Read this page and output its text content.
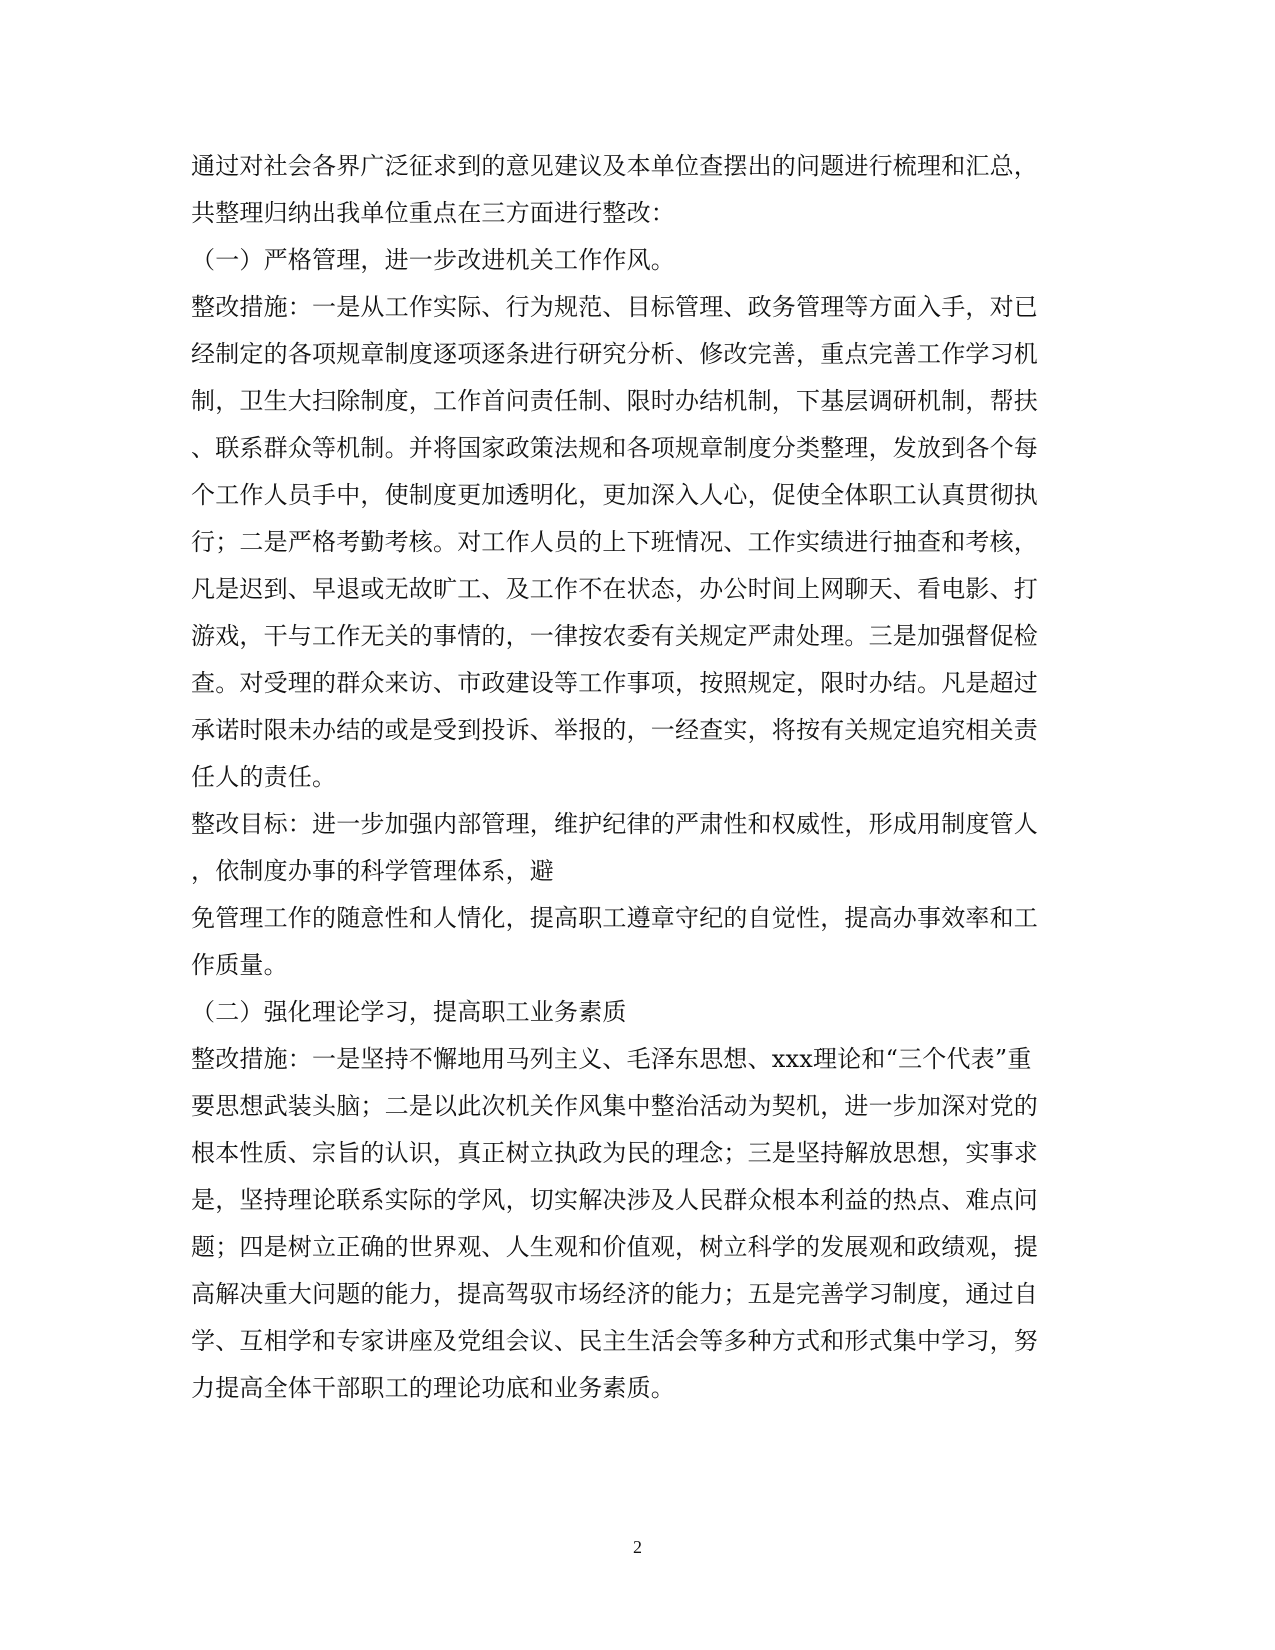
通过对社会各界广泛征求到的意见建议及本单位查摆出的问题进行梳理和汇总，
共整理归纳出我单位重点在三方面进行整改：
（一）严格管理，进一步改进机关工作作风。
整改措施：一是从工作实际、行为规范、目标管理、政务管理等方面入手，对已
经制定的各项规章制度逐项逐条进行研究分析、修改完善，重点完善工作学习机
制，卫生大扫除制度，工作首问责任制、限时办结机制，下基层调研机制，帮扶
、联系群众等机制。并将国家政策法规和各项规章制度分类整理，发放到各个每
个工作人员手中，使制度更加透明化，更加深入人心，促使全体职工认真贯彻执
行；二是严格考勤考核。对工作人员的上下班情况、工作实绩进行抽查和考核，
凡是迟到、早退或无故旷工、及工作不在状态，办公时间上网聊天、看电影、打
游戏，干与工作无关的事情的，一律按农委有关规定严肃处理。三是加强督促检
查。对受理的群众来访、市政建设等工作事项，按照规定，限时办结。凡是超过
承诺时限未办结的或是受到投诉、举报的，一经查实，将按有关规定追究相关责
任人的责任。
整改目标：进一步加强内部管理，维护纪律的严肃性和权威性，形成用制度管人
，依制度办事的科学管理体系，避
免管理工作的随意性和人情化，提高职工遵章守纪的自觉性，提高办事效率和工
作质量。
（二）强化理论学习，提高职工业务素质
整改措施：一是坚持不懈地用马列主义、毛泽东思想、xxx理论和“三个代表”重
要思想武装头脑；二是以此次机关作风集中整治活动为契机，进一步加深对党的
根本性质、宗旨的认识，真正树立执政为民的理念；三是坚持解放思想，实事求
是，坚持理论联系实际的学风，切实解决涉及人民群众根本利益的热点、难点问
题；四是树立正确的世界观、人生观和价值观，树立科学的发展观和政绩观，提
高解决重大问题的能力，提高驾驭市场经济的能力；五是完善学习制度，通过自
学、互相学和专家讲座及党组会议、民主生活会等多种方式和形式集中学习，努
力提高全体干部职工的理论功底和业务素质。
2
